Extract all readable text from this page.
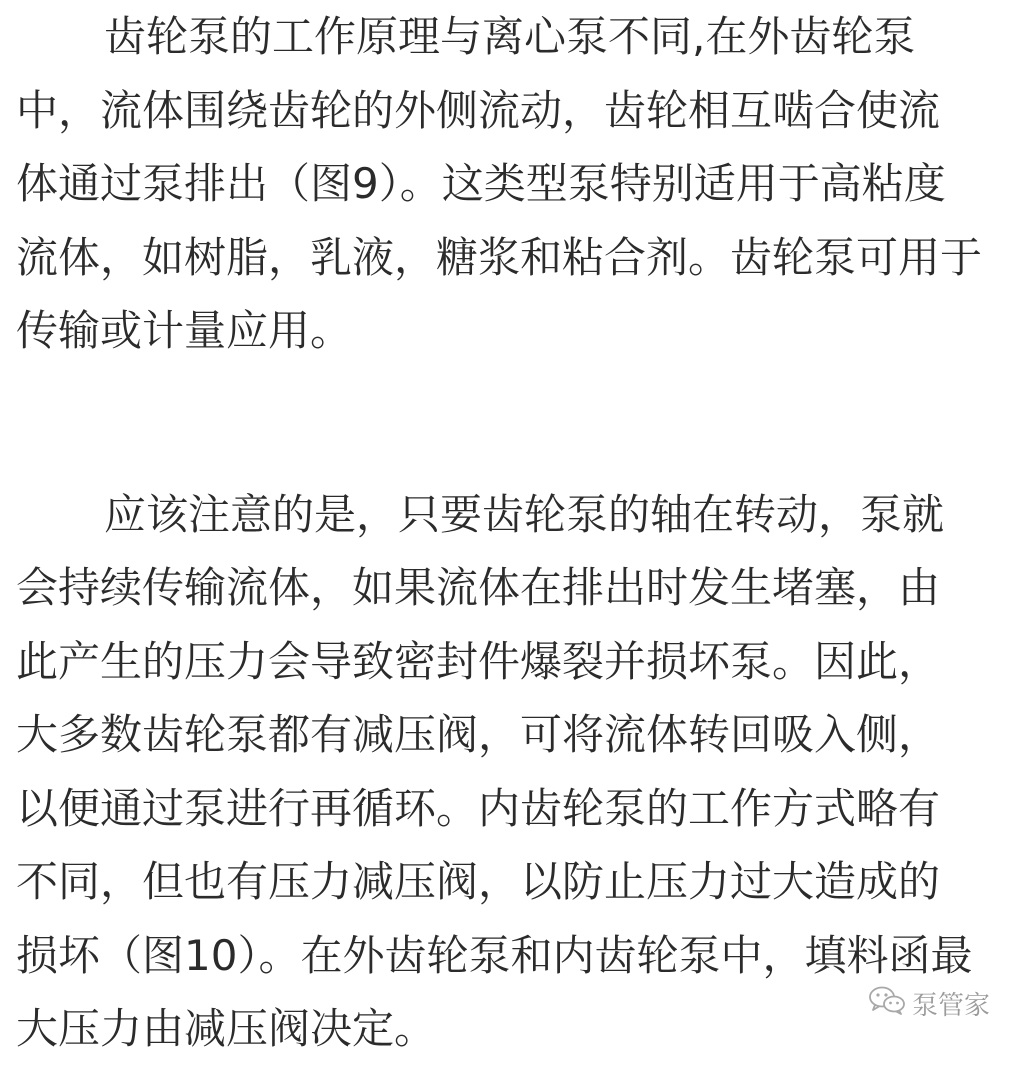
齿轮泵的工作原理与离心泵不同,在外齿轮泵
中，流体围绕齿轮的外侧流动，齿轮相互啮合使流
体通过泵排出（图9）。这类型泵特别适用于高粘度
流体，如树脂，乳液，糖浆和粘合剂。齿轮泵可用于
传输或计量应用。
应该注意的是，只要齿轮泵的轴在转动，泵就
会持续传输流体，如果流体在排出时发生堵塞，由
此产生的压力会导致密封件爆裂并损坏泵。因此，
大多数齿轮泵都有减压阀，可将流体转回吸入侧，
以便通过泵进行再循环。内齿轮泵的工作方式略有
不同，但也有压力减压阀，以防止压力过大造成的
损坏（图10）。在外齿轮泵和内齿轮泵中，填料函最
大压力由减压阀决定。	泵管家
